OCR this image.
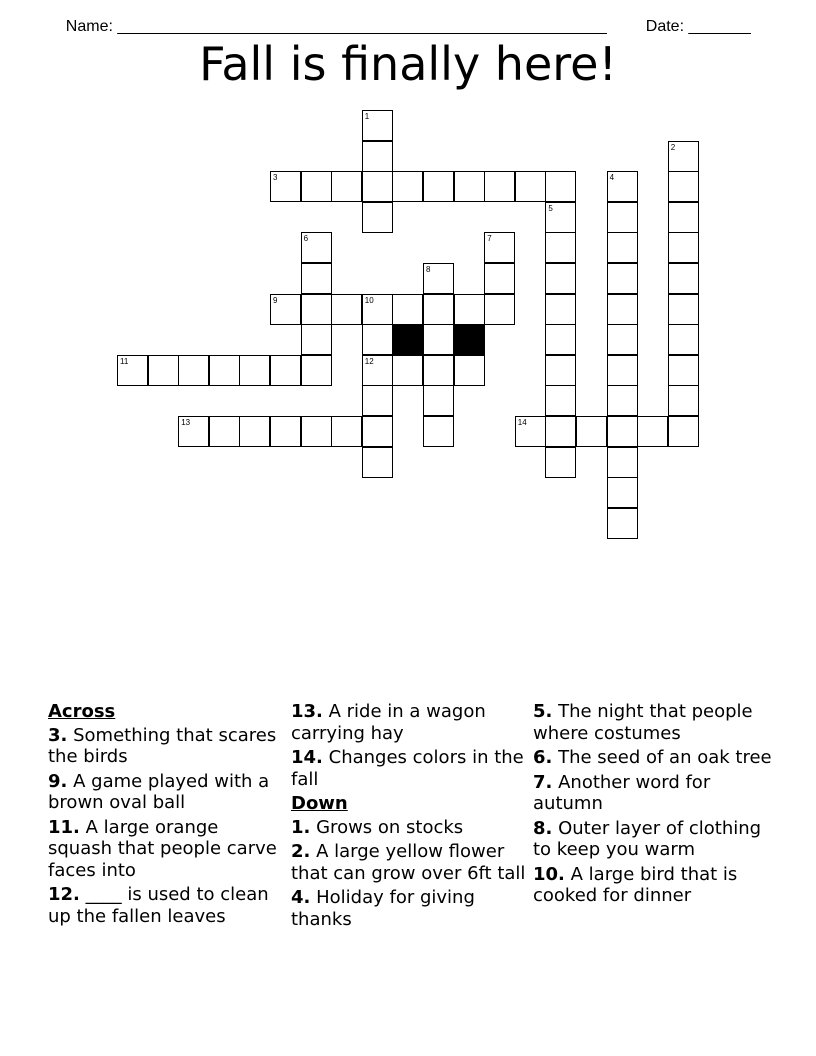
Name: _______________________________________________________
	Date: _______

Fall is finally here!
3
9	10
11	12
13	14
1
2
4
5
6	7
8
Across
3. Something that scares the birds
9. A game played with a brown oval ball
11. A large orange squash that people carve faces into
12. ____ is used to clean up the fallen leaves
13. A ride in a wagon carrying hay
14. Changes colors in the fall
Down
1. Grows on stocks
2. A large yellow flower that can grow over 6ft tall
4. Holiday for giving thanks
5. The night that people where costumes
6. The seed of an oak tree
7. Another word for autumn
8. Outer layer of clothing to keep you warm
10. A large bird that is cooked for dinner
